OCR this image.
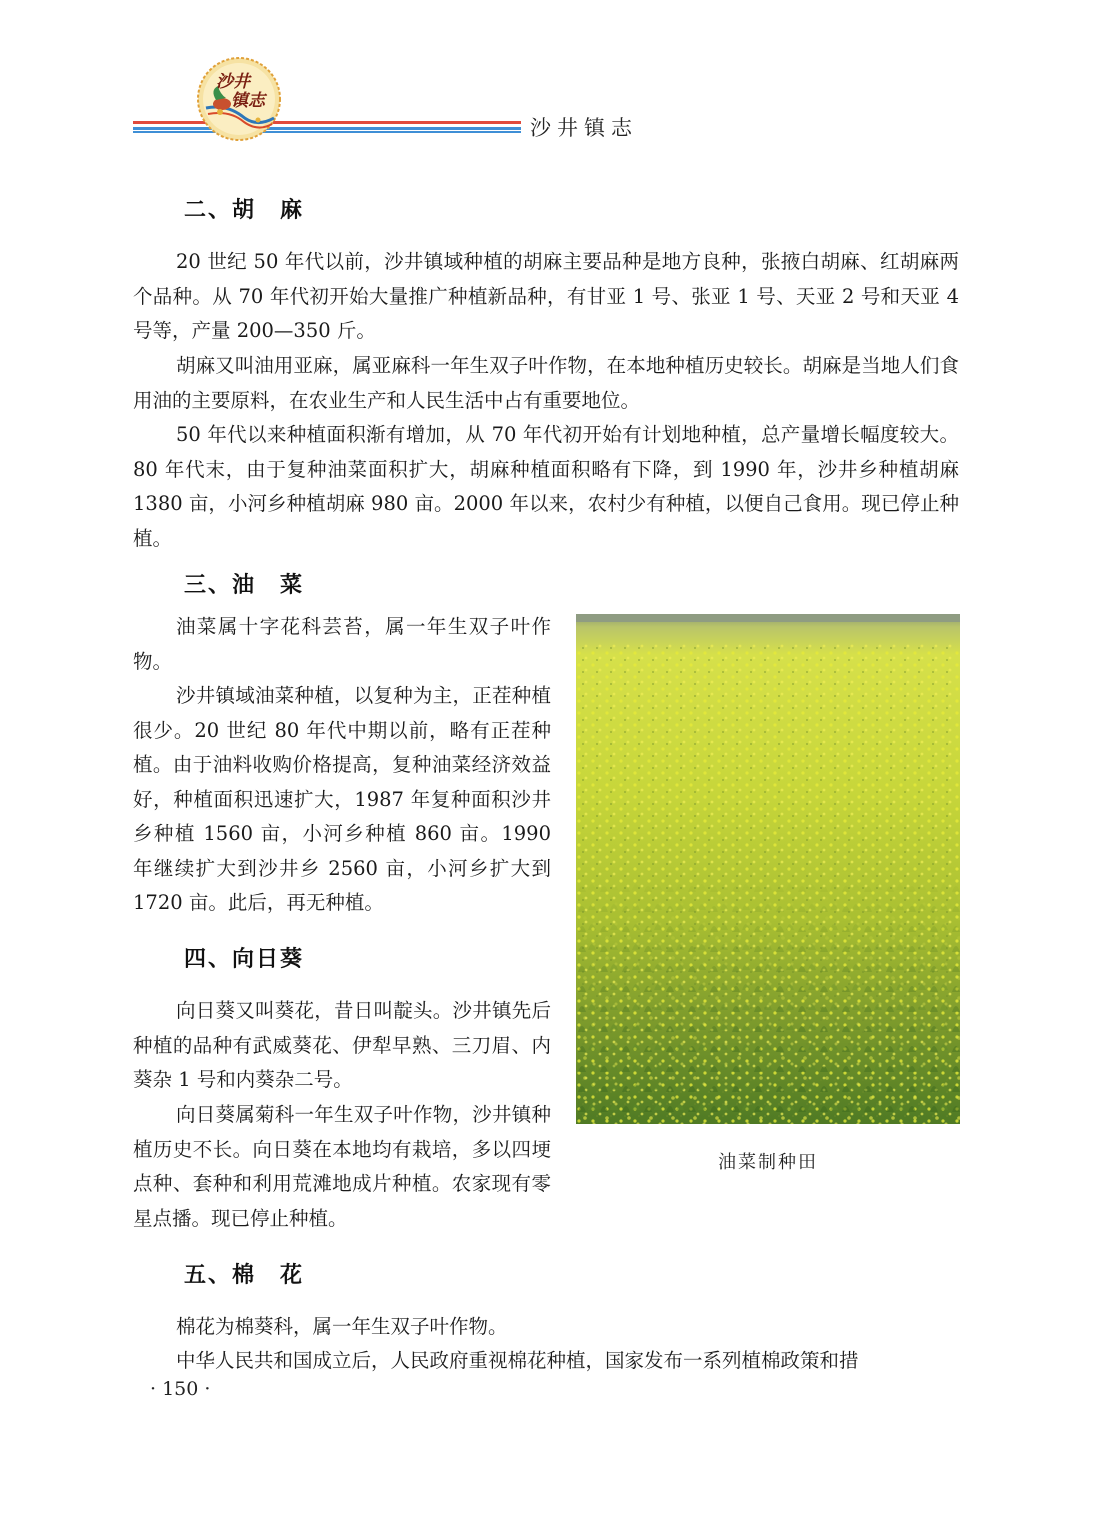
沙井
镇志
沙井镇志
二、胡　麻

20 世纪 50 年代以前，沙井镇域种植的胡麻主要品种是地方良种，张掖白胡麻、红胡麻两个品种。从 70 年代初开始大量推广种植新品种，有甘亚 1 号、张亚 1 号、天亚 2 号和天亚 4 号等，产量 200—350 斤。

胡麻又叫油用亚麻，属亚麻科一年生双子叶作物，在本地种植历史较长。胡麻是当地人们食用油的主要原料，在农业生产和人民生活中占有重要地位。

50 年代以来种植面积渐有增加，从 70 年代初开始有计划地种植，总产量增长幅度较大。80 年代末，由于复种油菜面积扩大，胡麻种植面积略有下降，到 1990 年，沙井乡种植胡麻 1380 亩，小河乡种植胡麻 980 亩。2000 年以来，农村少有种植，以便自己食用。现已停止种植。

三、油　菜

油菜属十字花科芸苔，属一年生双子叶作物。

沙井镇域油菜种植，以复种为主，正茬种植很少。20 世纪 80 年代中期以前，略有正茬种植。由于油料收购价格提高，复种油菜经济效益好，种植面积迅速扩大，1987 年复种面积沙井乡种植 1560 亩，小河乡种植 860 亩。1990 年继续扩大到沙井乡 2560 亩，小河乡扩大到 1720 亩。此后，再无种植。

四、向日葵

向日葵又叫葵花，昔日叫靛头。沙井镇先后种植的品种有武威葵花、伊犁早熟、三刀眉、内葵杂 1 号和内葵杂二号。

向日葵属菊科一年生双子叶作物，沙井镇种植历史不长。向日葵在本地均有栽培，多以四埂点种、套种和利用荒滩地成片种植。农家现有零星点播。现已停止种植。

五、棉　花

棉花为棉葵科，属一年生双子叶作物。

中华人民共和国成立后，人民政府重视棉花种植，国家发布一系列植棉政策和措

油菜制种田
· 150 ·
